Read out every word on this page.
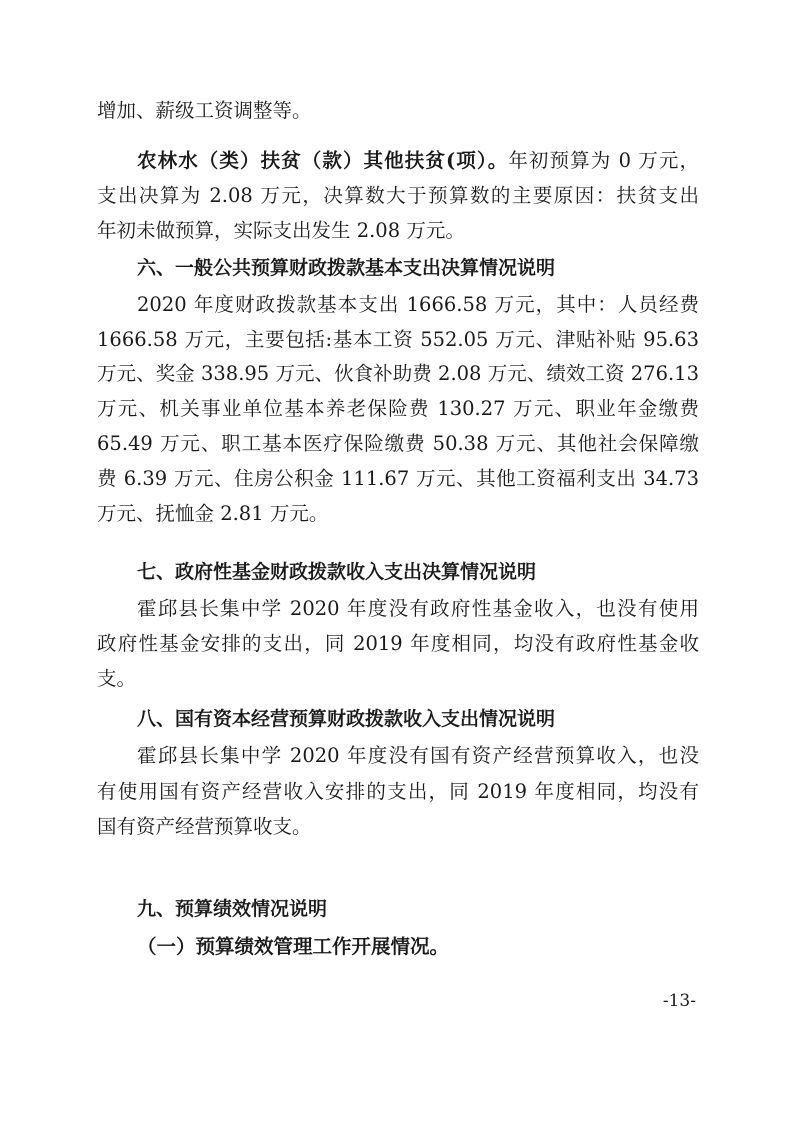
增加、薪级工资调整等。
农林水（类）扶贫（款）其他扶贫(项）。年初预算为 0 万元，
支出决算为 2.08 万元，决算数大于预算数的主要原因：扶贫支出
年初未做预算，实际支出发生 2.08 万元。
六、一般公共预算财政拨款基本支出决算情况说明
2020 年度财政拨款基本支出 1666.58 万元，其中：人员经费
1666.58 万元，主要包括:基本工资 552.05 万元、津贴补贴 95.63
万元、奖金 338.95 万元、伙食补助费 2.08 万元、绩效工资 276.13
万元、机关事业单位基本养老保险费 130.27 万元、职业年金缴费
65.49 万元、职工基本医疗保险缴费 50.38 万元、其他社会保障缴
费 6.39 万元、住房公积金 111.67 万元、其他工资福利支出 34.73
万元、抚恤金 2.81 万元。
七、政府性基金财政拨款收入支出决算情况说明
霍邱县长集中学 2020 年度没有政府性基金收入，也没有使用
政府性基金安排的支出，同 2019 年度相同，均没有政府性基金收
支。
八、国有资本经营预算财政拨款收入支出情况说明
霍邱县长集中学 2020 年度没有国有资产经营预算收入，也没
有使用国有资产经营收入安排的支出，同 2019 年度相同，均没有
国有资产经营预算收支。
九、预算绩效情况说明
（一）预算绩效管理工作开展情况。
-13-
